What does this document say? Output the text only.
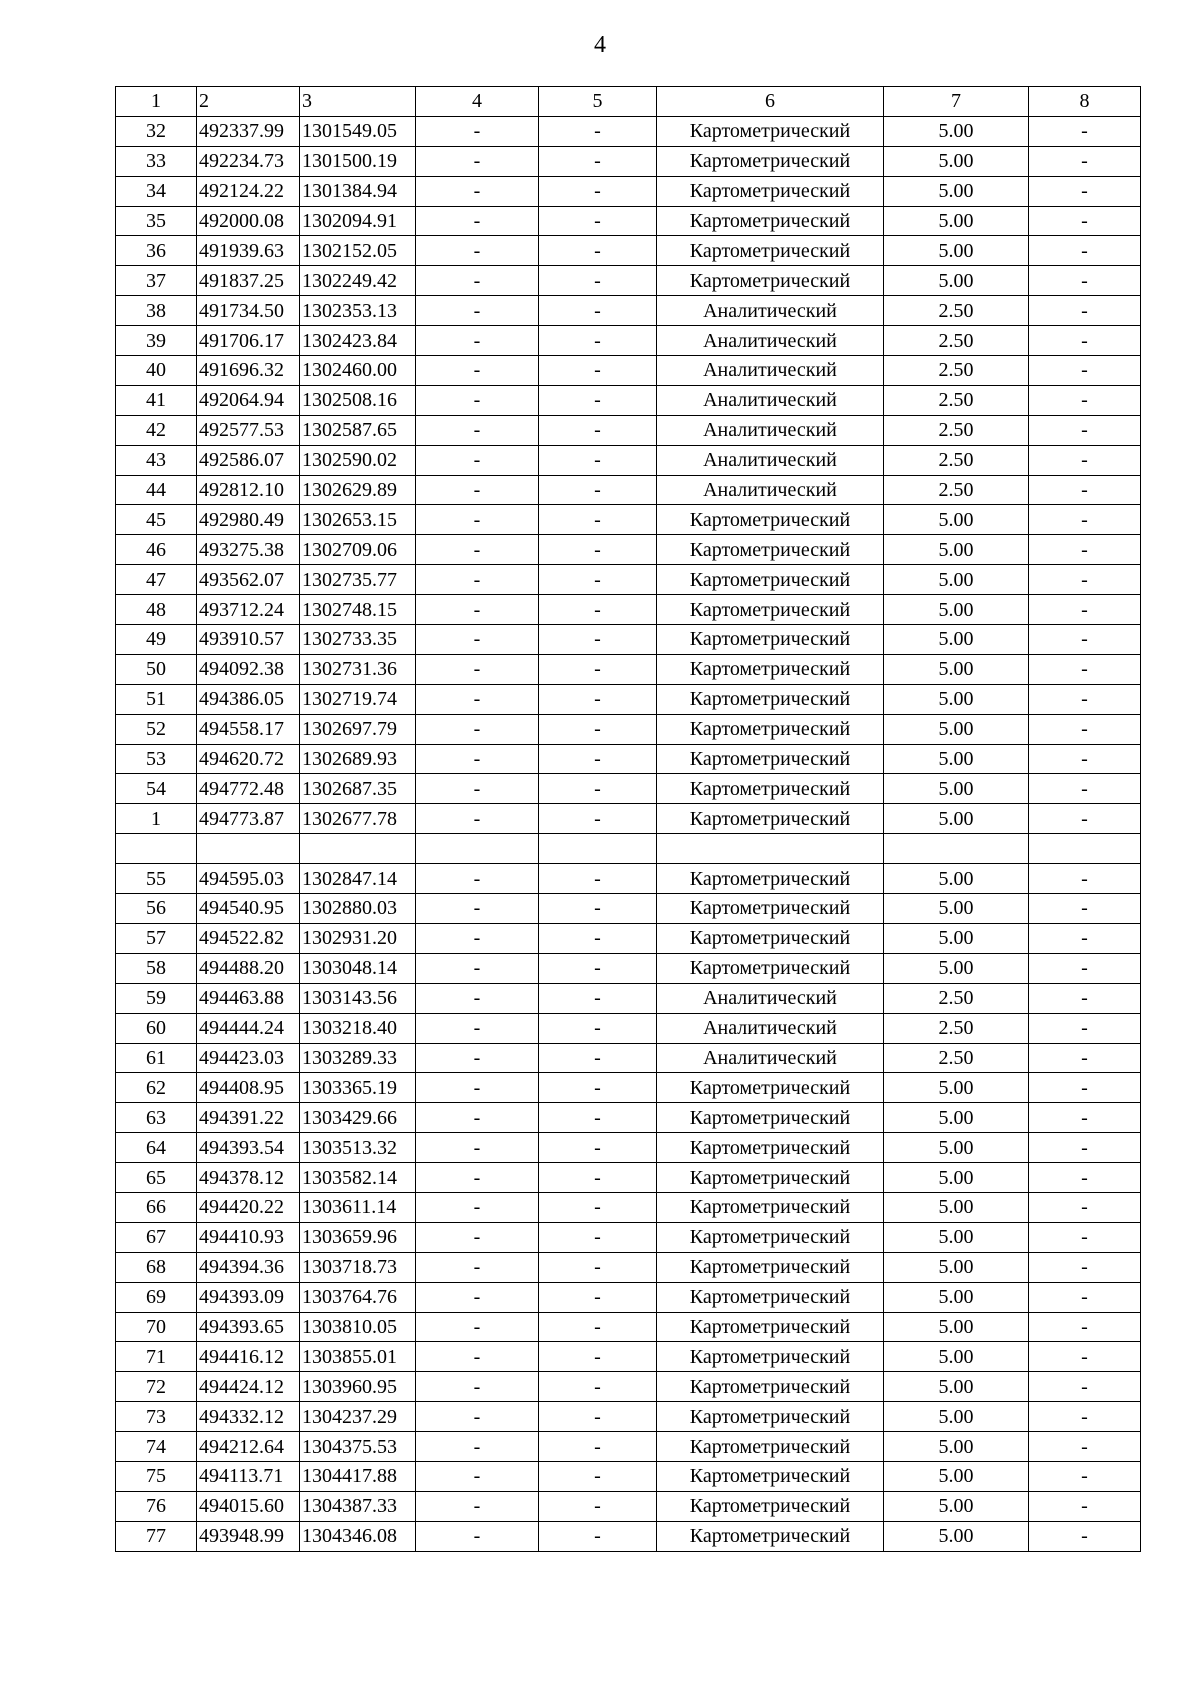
4
1	2	3	4	5	6	7	8
32	492337.99	1301549.05	-	-	Картометрический	5.00	-
33	492234.73	1301500.19	-	-	Картометрический	5.00	-
34	492124.22	1301384.94	-	-	Картометрический	5.00	-
35	492000.08	1302094.91	-	-	Картометрический	5.00	-
36	491939.63	1302152.05	-	-	Картометрический	5.00	-
37	491837.25	1302249.42	-	-	Картометрический	5.00	-
38	491734.50	1302353.13	-	-	Аналитический	2.50	-
39	491706.17	1302423.84	-	-	Аналитический	2.50	-
40	491696.32	1302460.00	-	-	Аналитический	2.50	-
41	492064.94	1302508.16	-	-	Аналитический	2.50	-
42	492577.53	1302587.65	-	-	Аналитический	2.50	-
43	492586.07	1302590.02	-	-	Аналитический	2.50	-
44	492812.10	1302629.89	-	-	Аналитический	2.50	-
45	492980.49	1302653.15	-	-	Картометрический	5.00	-
46	493275.38	1302709.06	-	-	Картометрический	5.00	-
47	493562.07	1302735.77	-	-	Картометрический	5.00	-
48	493712.24	1302748.15	-	-	Картометрический	5.00	-
49	493910.57	1302733.35	-	-	Картометрический	5.00	-
50	494092.38	1302731.36	-	-	Картометрический	5.00	-
51	494386.05	1302719.74	-	-	Картометрический	5.00	-
52	494558.17	1302697.79	-	-	Картометрический	5.00	-
53	494620.72	1302689.93	-	-	Картометрический	5.00	-
54	494772.48	1302687.35	-	-	Картометрический	5.00	-
1	494773.87	1302677.78	-	-	Картометрический	5.00	-

55	494595.03	1302847.14	-	-	Картометрический	5.00	-
56	494540.95	1302880.03	-	-	Картометрический	5.00	-
57	494522.82	1302931.20	-	-	Картометрический	5.00	-
58	494488.20	1303048.14	-	-	Картометрический	5.00	-
59	494463.88	1303143.56	-	-	Аналитический	2.50	-
60	494444.24	1303218.40	-	-	Аналитический	2.50	-
61	494423.03	1303289.33	-	-	Аналитический	2.50	-
62	494408.95	1303365.19	-	-	Картометрический	5.00	-
63	494391.22	1303429.66	-	-	Картометрический	5.00	-
64	494393.54	1303513.32	-	-	Картометрический	5.00	-
65	494378.12	1303582.14	-	-	Картометрический	5.00	-
66	494420.22	1303611.14	-	-	Картометрический	5.00	-
67	494410.93	1303659.96	-	-	Картометрический	5.00	-
68	494394.36	1303718.73	-	-	Картометрический	5.00	-
69	494393.09	1303764.76	-	-	Картометрический	5.00	-
70	494393.65	1303810.05	-	-	Картометрический	5.00	-
71	494416.12	1303855.01	-	-	Картометрический	5.00	-
72	494424.12	1303960.95	-	-	Картометрический	5.00	-
73	494332.12	1304237.29	-	-	Картометрический	5.00	-
74	494212.64	1304375.53	-	-	Картометрический	5.00	-
75	494113.71	1304417.88	-	-	Картометрический	5.00	-
76	494015.60	1304387.33	-	-	Картометрический	5.00	-
77	493948.99	1304346.08	-	-	Картометрический	5.00	-
